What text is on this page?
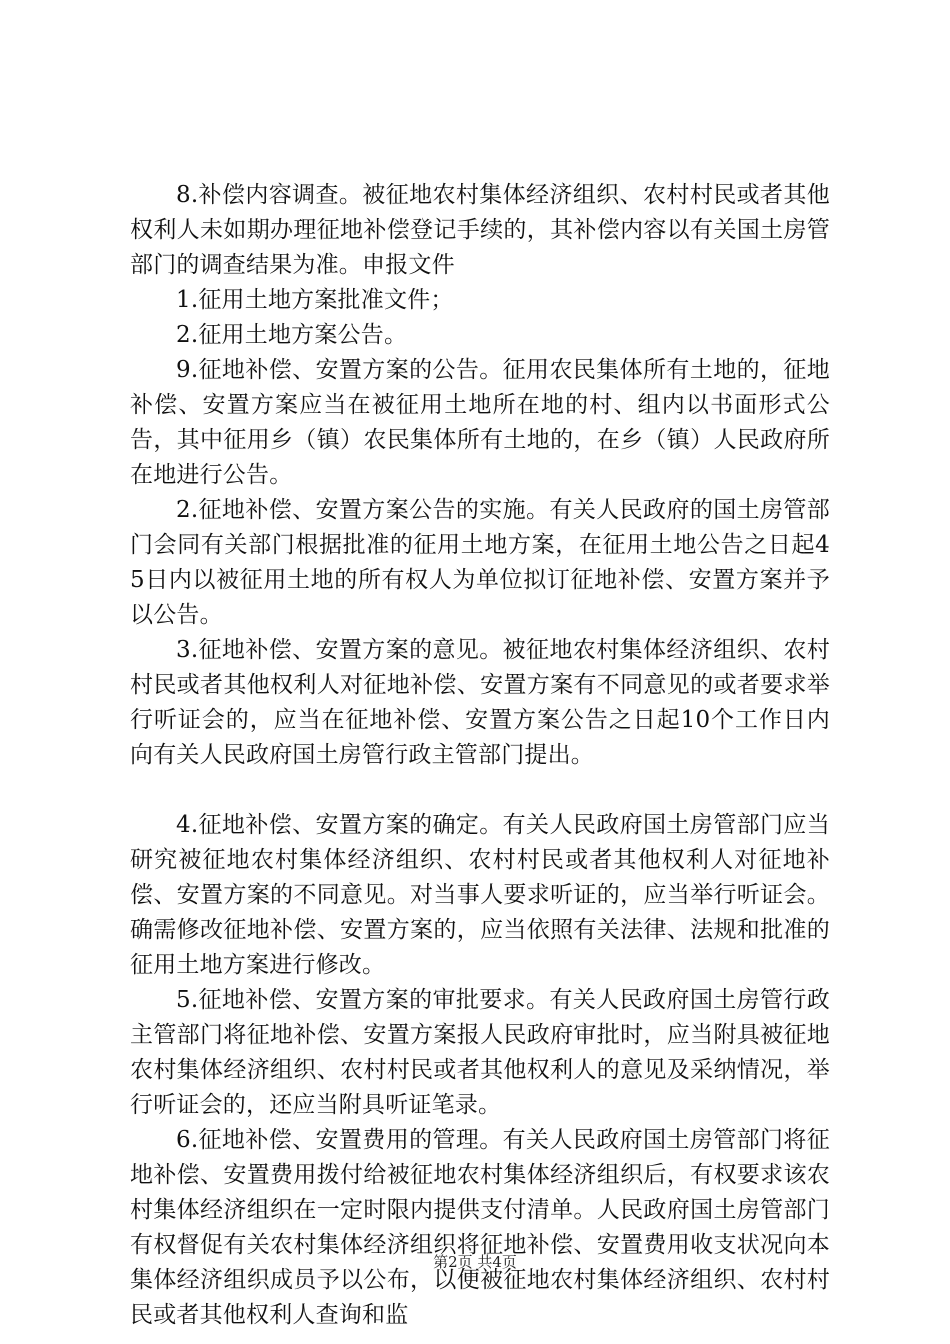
8.补偿内容调查。被征地农村集体经济组织、农村村民或者其他权利人未如期办理征地补偿登记手续的，其补偿内容以有关国土房管部门的调查结果为准。申报文件

1.征用土地方案批准文件；

2.征用土地方案公告。

9.征地补偿、安置方案的公告。征用农民集体所有土地的，征地补偿、安置方案应当在被征用土地所在地的村、组内以书面形式公告，其中征用乡（镇）农民集体所有土地的，在乡（镇）人民政府所在地进行公告。

2.征地补偿、安置方案公告的实施。有关人民政府的国土房管部门会同有关部门根据批准的征用土地方案，在征用土地公告之日起45日内以被征用土地的所有权人为单位拟订征地补偿、安置方案并予以公告。

3.征地补偿、安置方案的意见。被征地农村集体经济组织、农村村民或者其他权利人对征地补偿、安置方案有不同意见的或者要求举行听证会的，应当在征地补偿、安置方案公告之日起10个工作日内向有关人民政府国土房管行政主管部门提出。

4.征地补偿、安置方案的确定。有关人民政府国土房管部门应当研究被征地农村集体经济组织、农村村民或者其他权利人对征地补偿、安置方案的不同意见。对当事人要求听证的，应当举行听证会。确需修改征地补偿、安置方案的，应当依照有关法律、法规和批准的征用土地方案进行修改。

5.征地补偿、安置方案的审批要求。有关人民政府国土房管行政主管部门将征地补偿、安置方案报人民政府审批时，应当附具被征地农村集体经济组织、农村村民或者其他权利人的意见及采纳情况，举行听证会的，还应当附具听证笔录。

6.征地补偿、安置费用的管理。有关人民政府国土房管部门将征地补偿、安置费用拨付给被征地农村集体经济组织后，有权要求该农村集体经济组织在一定时限内提供支付清单。人民政府国土房管部门有权督促有关农村集体经济组织将征地补偿、安置费用收支状况向本集体经济组织成员予以公布，以便被征地农村集体经济组织、农村村民或者其他权利人查询和监

第2页 共4页
